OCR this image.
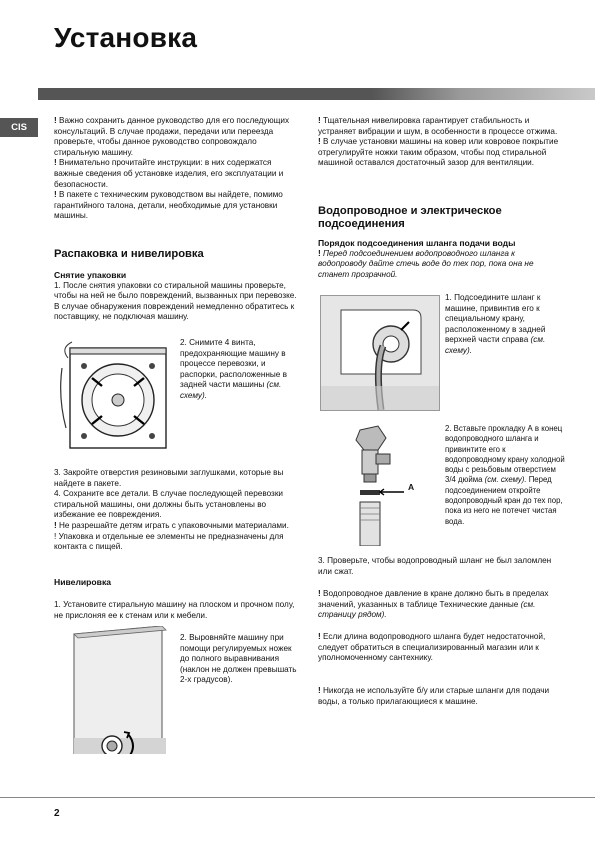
Установка
CIS

! Важно сохранить данное руководство для его последующих консультаций. В случае продажи, передачи или переезда проверьте, чтобы данное руководство сопровождало стиральную машину.

! Внимательно прочитайте инструкции: в них содержатся важные сведения об установке изделия, его эксплуатации и безопасности.

! В пакете с техническим руководством вы найдете, помимо гарантийного талона, детали, необходимые для установки машины.

Распаковка и нивелировка

Снятие упаковки

1. После снятия упаковки со стиральной машины проверьте, чтобы на ней не было повреждений, вызванных при перевозке.

В случае обнаружения повреждений немедленно обратитесь к поставщику, не подключая машину.

2. Снимите 4 винта, предохраняющие машину в процессе перевозки, и распорки, расположенные в задней части машины (см. схему).

3. Закройте отверстия резиновыми заглушками, которые вы найдете в пакете.

4. Сохраните все детали. В случае последующей перевозки стиральной машины, они должны быть установлены во избежание ее повреждения.

! Не разрешайте детям играть с упаковочными материалами.

! Упаковка и отдельные ее элементы не предназначены для контакта с пищей.

Нивелировка
1. Установите стиральную машину на плоском и прочном полу, не прислоняя ее к стенам или к мебели.
2. Выровняйте машину при помощи регулируемых ножек до полного выравнивания (наклон не должен превышать 2-х градусов).

! Тщательная нивелировка гарантирует стабильность и устраняет вибрации и шум, в особенности в процессе отжима.

! В случае установки машины на ковер или ковровое покрытие отрегулируйте ножки таким образом, чтобы под стиральной машиной оставался достаточный зазор для вентиляции.

Водопроводное и электрическое подсоединения

Порядок подсоединения шланга подачи воды

! Перед подсоединением водопроводного шланга к водопроводу дайте стечь воде до тех пор, пока она не станет прозрачной.

1. Подсоедините шланг к машине, привинтив его к специальному крану, расположенному в задней верхней части справа (см. схему).
A
2. Вставьте прокладку А в конец водопроводного шланга и привинтите его к водопроводному крану холодной воды с резьбовым отверстием 3/4 дюйма (см. схему). Перед подсоединением откройте водопроводный кран до тех пор, пока из него не потечет чистая вода.
3. Проверьте, чтобы водопроводный шланг не был заломлен или сжат.
! Водопроводное давление в кране должно быть в пределах значений, указанных в таблице Технические данные (см. страницу рядом).
! Если длина водопроводного шланга будет недостаточной, следует обратиться в специализированный магазин или к уполномоченному сантехнику.
! Никогда не используйте б/у или старые шланги для подачи воды, а только прилагающиеся к машине.
2
